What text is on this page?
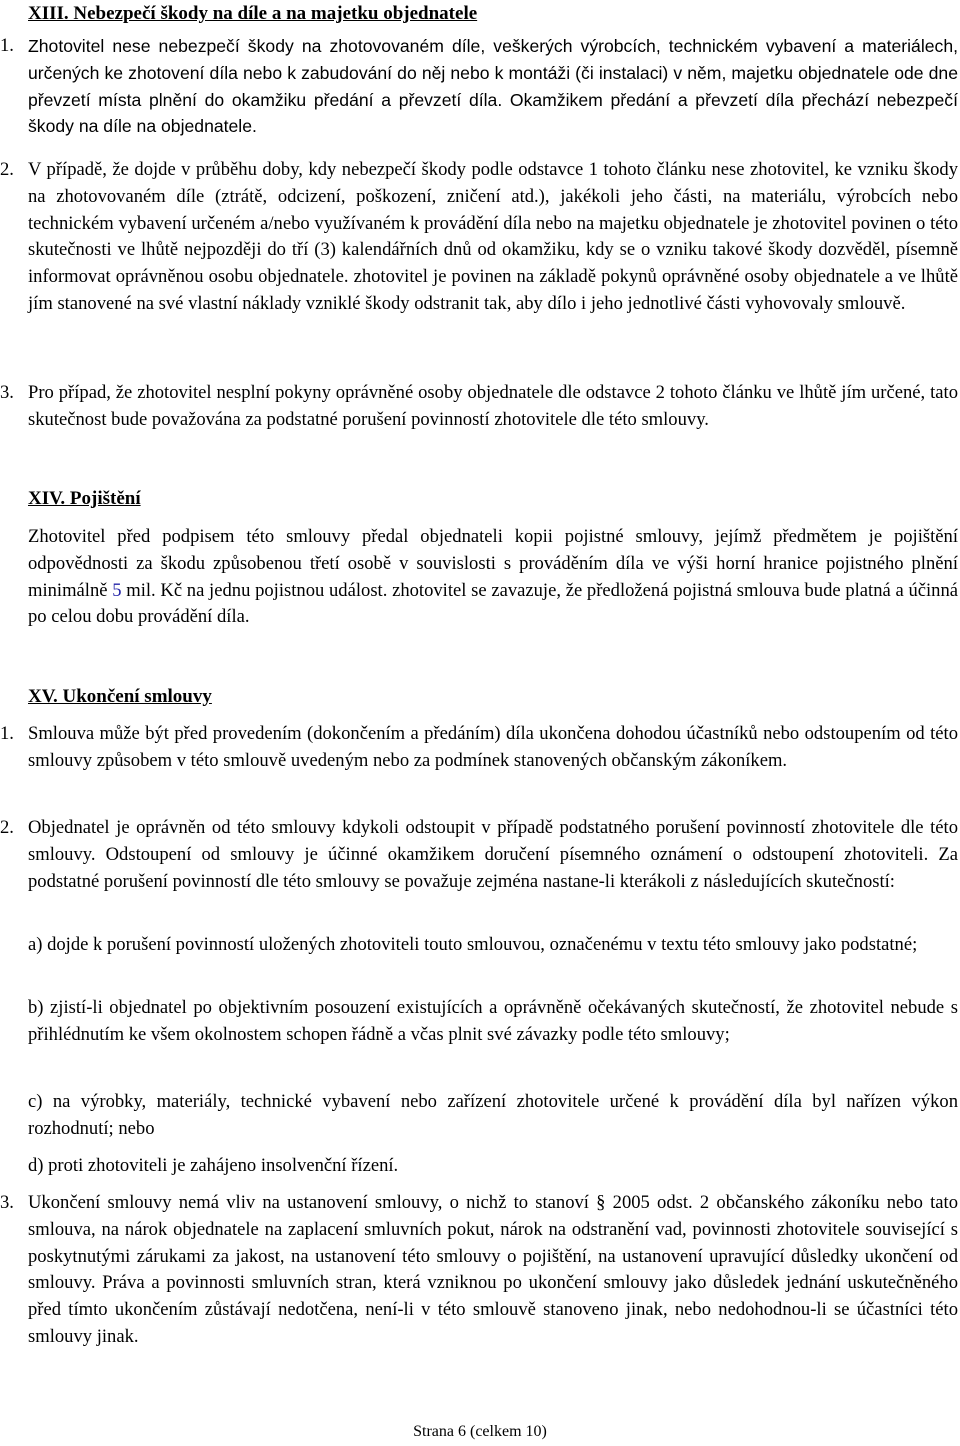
XIII. Nebezpečí škody na díle a na majetku objednatele
1. Zhotovitel nese nebezpečí škody na zhotovovaném díle, veškerých výrobcích, technickém vybavení a materiálech, určených ke zhotovení díla nebo k zabudování do něj nebo k montáži (či instalaci) v něm, majetku objednatele ode dne převzetí místa plnění do okamžiku předání a převzetí díla. Okamžikem předání a převzetí díla přechází nebezpečí škody na díle na objednatele.

2. V případě, že dojde v průběhu doby, kdy nebezpečí škody podle odstavce 1 tohoto článku nese zhotovitel, ke vzniku škody na zhotovovaném díle (ztrátě, odcizení, poškození, zničení atd.), jakékoli jeho části, na materiálu, výrobcích nebo technickém vybavení určeném a/nebo využívaném k provádění díla nebo na majetku objednatele je zhotovitel povinen o této skutečnosti ve lhůtě nejpozději do tří (3) kalendářních dnů od okamžiku, kdy se o vzniku takové škody dozvěděl, písemně informovat oprávněnou osobu objednatele. zhotovitel je povinen na základě pokynů oprávněné osoby objednatele a ve lhůtě jím stanovené na své vlastní náklady vzniklé škody odstranit tak, aby dílo i jeho jednotlivé části vyhovovaly smlouvě.

3. Pro případ, že zhotovitel nesplní pokyny oprávněné osoby objednatele dle odstavce 2 tohoto článku ve lhůtě jím určené, tato skutečnost bude považována za podstatné porušení povinností zhotovitele dle této smlouvy.

XIV. Pojištění

Zhotovitel před podpisem této smlouvy předal objednateli kopii pojistné smlouvy, jejímž předmětem je pojištění odpovědnosti za škodu způsobenou třetí osobě v souvislosti s prováděním díla ve výši horní hranice pojistného plnění minimálně 5 mil. Kč na jednu pojistnou událost. zhotovitel se zavazuje, že předložená pojistná smlouva bude platná a účinná po celou dobu provádění díla.

XV. Ukončení smlouvy
1. Smlouva může být před provedením (dokončením a předáním) díla ukončena dohodou účastníků nebo odstoupením od této smlouvy způsobem v této smlouvě uvedeným nebo za podmínek stanovených občanským zákoníkem.

2. Objednatel je oprávněn od této smlouvy kdykoli odstoupit v případě podstatného porušení povinností zhotovitele dle této smlouvy. Odstoupení od smlouvy je účinné okamžikem doručení písemného oznámení o odstoupení zhotoviteli. Za podstatné porušení povinností dle této smlouvy se považuje zejména nastane-li kterákoli z následujících skutečností:

a) dojde k porušení povinností uložených zhotoviteli touto smlouvou, označenému v textu této smlouvy jako podstatné;

b) zjistí-li objednatel po objektivním posouzení existujících a oprávněně očekávaných skutečností, že zhotovitel nebude s přihlédnutím ke všem okolnostem schopen řádně a včas plnit své závazky podle této smlouvy;

c) na výrobky, materiály, technické vybavení nebo zařízení zhotovitele určené k provádění díla byl nařízen výkon rozhodnutí; nebo

d) proti zhotoviteli je zahájeno insolvenční řízení.

3. Ukončení smlouvy nemá vliv na ustanovení smlouvy, o nichž to stanoví § 2005 odst. 2 občanského zákoníku nebo tato smlouva, na nárok objednatele na zaplacení smluvních pokut, nárok na odstranění vad, povinnosti zhotovitele související s poskytnutými zárukami za jakost, na ustanovení této smlouvy o pojištění, na ustanovení upravující důsledky ukončení od smlouvy. Práva a povinnosti smluvních stran, která vzniknou po ukončení smlouvy jako důsledek jednání uskutečněného před tímto ukončením zůstávají nedotčena, není-li v této smlouvě stanoveno jinak, nebo nedohodnou-li se účastníci této smlouvy jinak.

Strana 6 (celkem 10)
